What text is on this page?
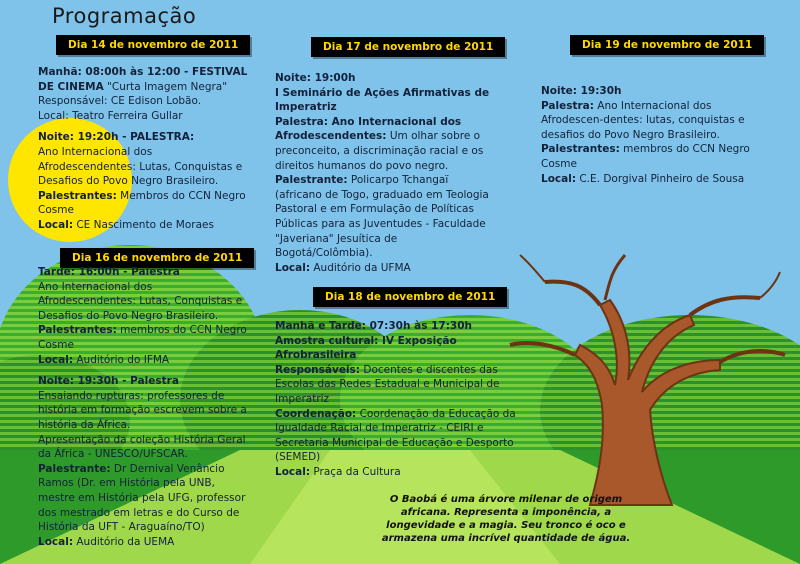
Programação
Dia 14 de novembro de 2011	Dia 17 de novembro de 2011	Dia 19 de novembro de 2011
Dia 16 de novembro de 2011
Dia 18 de novembro de 2011

Manhã: 08:00h às 12:00 - FESTIVAL DE CINEMA "Curta Imagem Negra"

Responsável: CE Edison Lobão.

Local: Teatro Ferreira Gullar

Noite: 19:20h - PALESTRA:

Ano Internacional dos Afrodescendentes: Lutas, Conquistas e Desafios do Povo Negro Brasileiro.

Palestrantes: Membros do CCN Negro Cosme

Local: CE Nascimento de Moraes

Tarde: 16:00h - Palestra

Ano Internacional dos Afrodescendentes: Lutas, Conquistas e Desafios do Povo Negro Brasileiro.

Palestrantes: membros do CCN Negro Cosme

Local: Auditório do IFMA

Noite: 19:30h - Palestra

Ensaiando rupturas: professores de história em formação escrevem sobre a história da África.

Apresentação da coleção História Geral da África - UNESCO/UFSCAR.

Palestrante: Dr Dernival Venâncio Ramos (Dr. em História pela UNB, mestre em História pela UFG, professor dos mestrado em letras e do Curso de História da UFT - Araguaíno/TO)

Local: Auditório da UEMA

Noite: 19:00h

I Seminário de Ações Afirmativas de Imperatriz

Palestra: Ano Internacional dos Afrodescendentes: Um olhar sobre o preconceito, a discriminação racial e os direitos humanos do povo negro.

Palestrante: Policarpo Tchangaï (africano de Togo, graduado em Teologia Pastoral e em Formulação de Políticas Públicas para as Juventudes - Faculdade "Javeriana" Jesuítica de Bogotá/Colômbia).

Local: Auditório da UFMA

Manhã e Tarde: 07:30h às 17:30h

Amostra cultural: IV Exposição Afrobrasileira

Responsáveis: Docentes e discentes das Escolas das Redes Estadual e Municipal de Imperatriz

Coordenação: Coordenação da Educação da Igualdade Racial de Imperatriz - CEIRI e Secretaria Municipal de Educação e Desporto (SEMED)

Local: Praça da Cultura

Noite: 19:30h

Palestra: Ano Internacional dos Afrodescen-dentes: lutas, conquistas e desafios do Povo Negro Brasileiro.

Palestrantes: membros do CCN Negro Cosme

Local: C.E. Dorgival Pinheiro de Sousa

O Baobá é uma árvore milenar de origem africana. Representa a imponência, a longevidade e a magia. Seu tronco é oco e armazena uma incrível quantidade de água.
